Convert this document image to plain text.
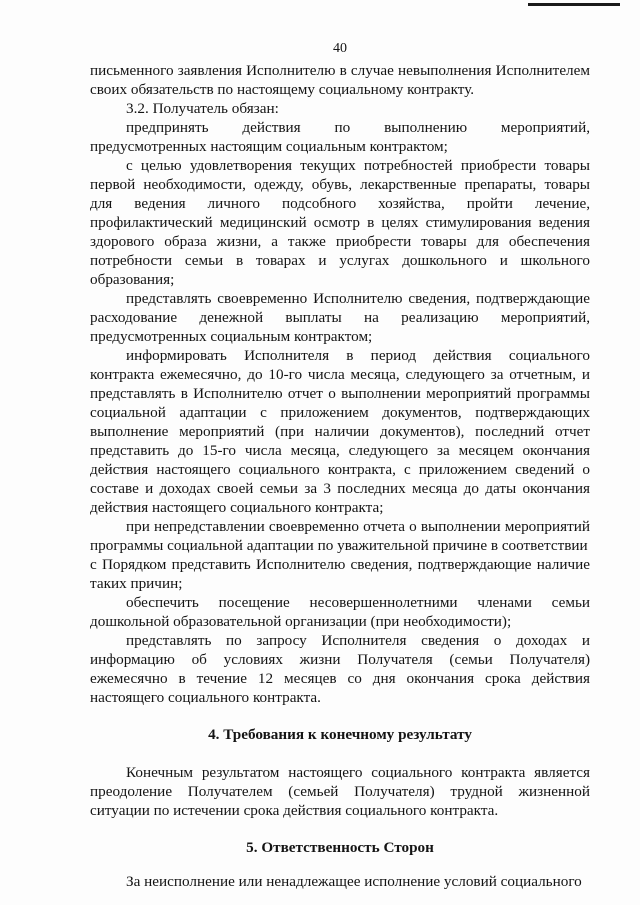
40

письменного заявления Исполнителю в случае невыполнения Исполнителем своих обязательств по настоящему социальному контракту.

3.2. Получатель обязан:

предпринять действия по выполнению мероприятий, предусмотренных настоящим социальным контрактом;

с целью удовлетворения текущих потребностей приобрести товары первой необходимости, одежду, обувь, лекарственные препараты, товары для ведения личного подсобного хозяйства, пройти лечение, профилактический медицинский осмотр в целях стимулирования ведения здорового образа жизни, а также приобрести товары для обеспечения потребности семьи в товарах и услугах дошкольного и школьного образования;

представлять своевременно Исполнителю сведения, подтверждающие расходование денежной выплаты на реализацию мероприятий, предусмотренных социальным контрактом;

информировать Исполнителя в период действия социального контракта ежемесячно, до 10-го числа месяца, следующего за отчетным, и представлять в Исполнителю отчет о выполнении мероприятий программы социальной адаптации с приложением документов, подтверждающих выполнение мероприятий (при наличии документов), последний отчет представить до 15-го числа месяца, следующего за месяцем окончания действия настоящего социального контракта, с приложением сведений о составе и доходах своей семьи за 3 последних месяца до даты окончания действия настоящего социального контракта;

при непредставлении своевременно отчета о выполнении мероприятий программы социальной адаптации по уважительной причине в соответствии

с Порядком представить Исполнителю сведения, подтверждающие наличие таких причин;

обеспечить посещение несовершеннолетними членами семьи дошкольной образовательной организации (при необходимости);

представлять по запросу Исполнителя сведения о доходах и информацию об условиях жизни Получателя (семьи Получателя) ежемесячно в течение 12 месяцев со дня окончания срока действия настоящего социального контракта.

4. Требования к конечному результату

Конечным результатом настоящего социального контракта является преодоление Получателем (семьей Получателя) трудной жизненной ситуации по истечении срока действия социального контракта.

5. Ответственность Сторон

За неисполнение или ненадлежащее исполнение условий социального
